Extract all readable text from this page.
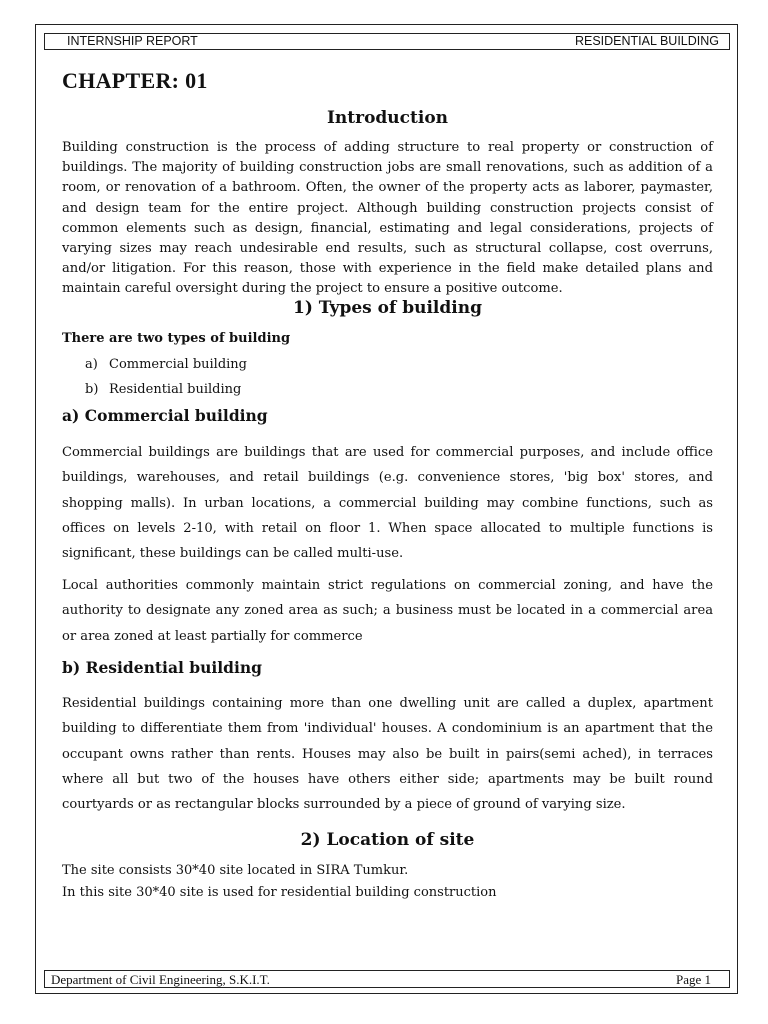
INTERNSHIP REPORT	RESIDENTIAL BUILDING
CHAPTER: 01
Introduction

Building construction is the process of adding structure to real property or construction of buildings. The majority of building construction jobs are small renovations, such as addition of a room, or renovation of a bathroom. Often, the owner of the property acts as laborer, paymaster, and design team for the entire project. Although building construction projects consist of common elements such as design, financial, estimating and legal considerations, projects of varying sizes may reach undesirable end results, such as structural collapse, cost overruns, and/or litigation. For this reason, those with experience in the field make detailed plans and maintain careful oversight during the project to ensure a positive outcome.

1) Types of building
There are two types of building
a) Commercial building
b) Residential building
a) Commercial building

Commercial buildings are buildings that are used for commercial purposes, and include office buildings, warehouses, and retail buildings (e.g. convenience stores, 'big box' stores, and shopping malls). In urban locations, a commercial building may combine functions, such as offices on levels 2-10, with retail on floor 1. When space allocated to multiple functions is significant, these buildings can be called multi-use.

Local authorities commonly maintain strict regulations on commercial zoning, and have the authority to designate any zoned area as such; a business must be located in a commercial area or area zoned at least partially for commerce

b) Residential building

Residential buildings containing more than one dwelling unit are called a duplex, apartment building to differentiate them from 'individual' houses. A condominium is an apartment that the occupant owns rather than rents. Houses may also be built in pairs(semi ached), in terraces where all but two of the houses have others either side; apartments may be built round courtyards or as rectangular blocks surrounded by a piece of ground of varying size.

2) Location of site
The site consists 30*40 site located in SIRA Tumkur.
In this site 30*40 site is used for residential building construction
Department of Civil Engineering, S.K.I.T.	Page 1
